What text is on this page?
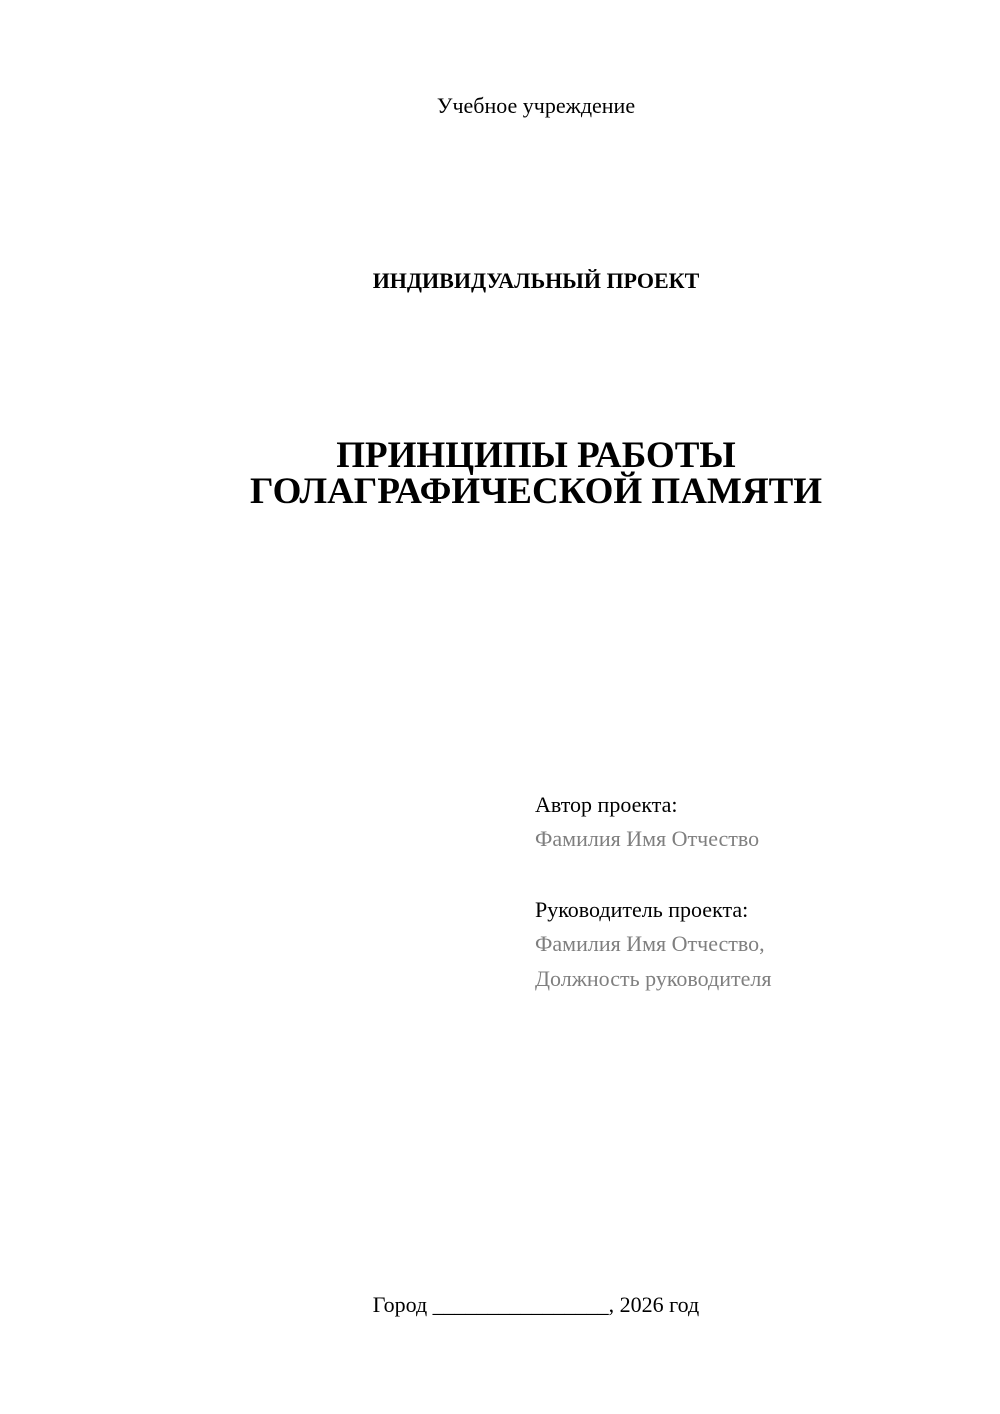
Учебное учреждение
ИНДИВИДУАЛЬНЫЙ ПРОЕКТ
ПРИНЦИПЫ РАБОТЫ
ГОЛАГРАФИЧЕСКОЙ ПАМЯТИ
Автор проекта:
Фамилия Имя Отчество
Руководитель проекта:
Фамилия Имя Отчество,
Должность руководителя
Город ________________, 2026 год
